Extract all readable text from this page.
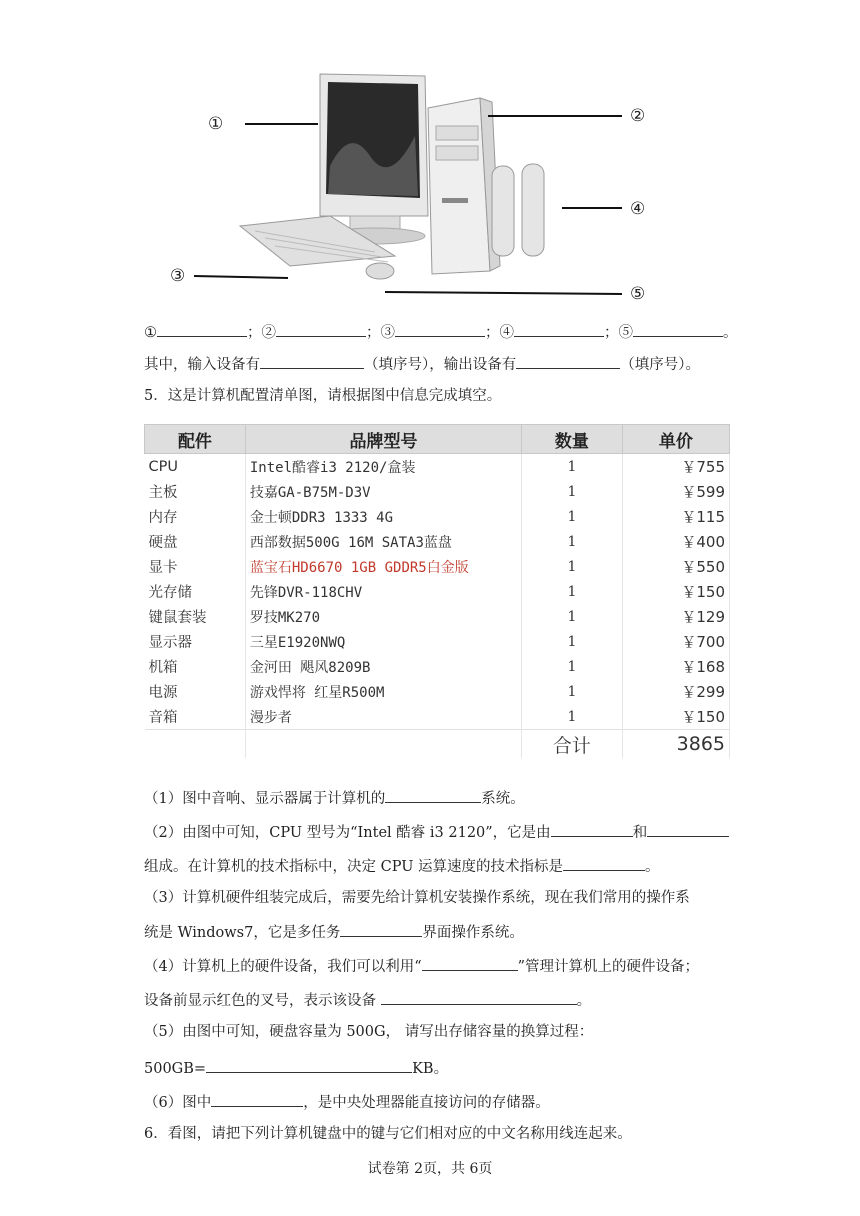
①	②
③
④
⑤
①	；②	；③	；④	；⑤	。
其中，输入设备有	（填序号），输出设备有	（填序号）。
5．这是计算机配置清单图，请根据图中信息完成填空。
配件	品牌型号	数量	单价
CPU	Intel酷睿i3 2120/盒装	1	￥755
主板	技嘉GA-B75M-D3V	1	￥599
内存	金士顿DDR3 1333 4G	1	￥115
硬盘	西部数据500G 16M SATA3蓝盘	1	￥400
显卡	蓝宝石HD6670 1GB GDDR5白金版	1	￥550
光存储	先锋DVR-118CHV	1	￥150
键鼠套装	罗技MK270	1	￥129
显示器	三星E1920NWQ	1	￥700
机箱	金河田 飓风8209B	1	￥168
电源	游戏悍将 红星R500M	1	￥299
音箱	漫步者	1	￥150
		合计	3865
（1）图中音响、显示器属于计算机的	系统。
（2）由图中可知，CPU 型号为“Intel 酷睿 i3 2120”，它是由	和
组成。在计算机的技术指标中，决定 CPU 运算速度的技术指标是	。
（3）计算机硬件组装完成后，需要先给计算机安装操作系统，现在我们常用的操作系
统是 Windows7，它是多任务	界面操作系统。
（4）计算机上的硬件设备，我们可以利用“	”管理计算机上的硬件设备；
设备前显示红色的叉号，表示该设备	。
（5）由图中可知，硬盘容量为 500G， 请写出存储容量的换算过程：
500GB=	KB。
（6）图中	，是中央处理器能直接访问的存储器。
6．看图，请把下列计算机键盘中的键与它们相对应的中文名称用线连起来。
试卷第 2页，共 6页
